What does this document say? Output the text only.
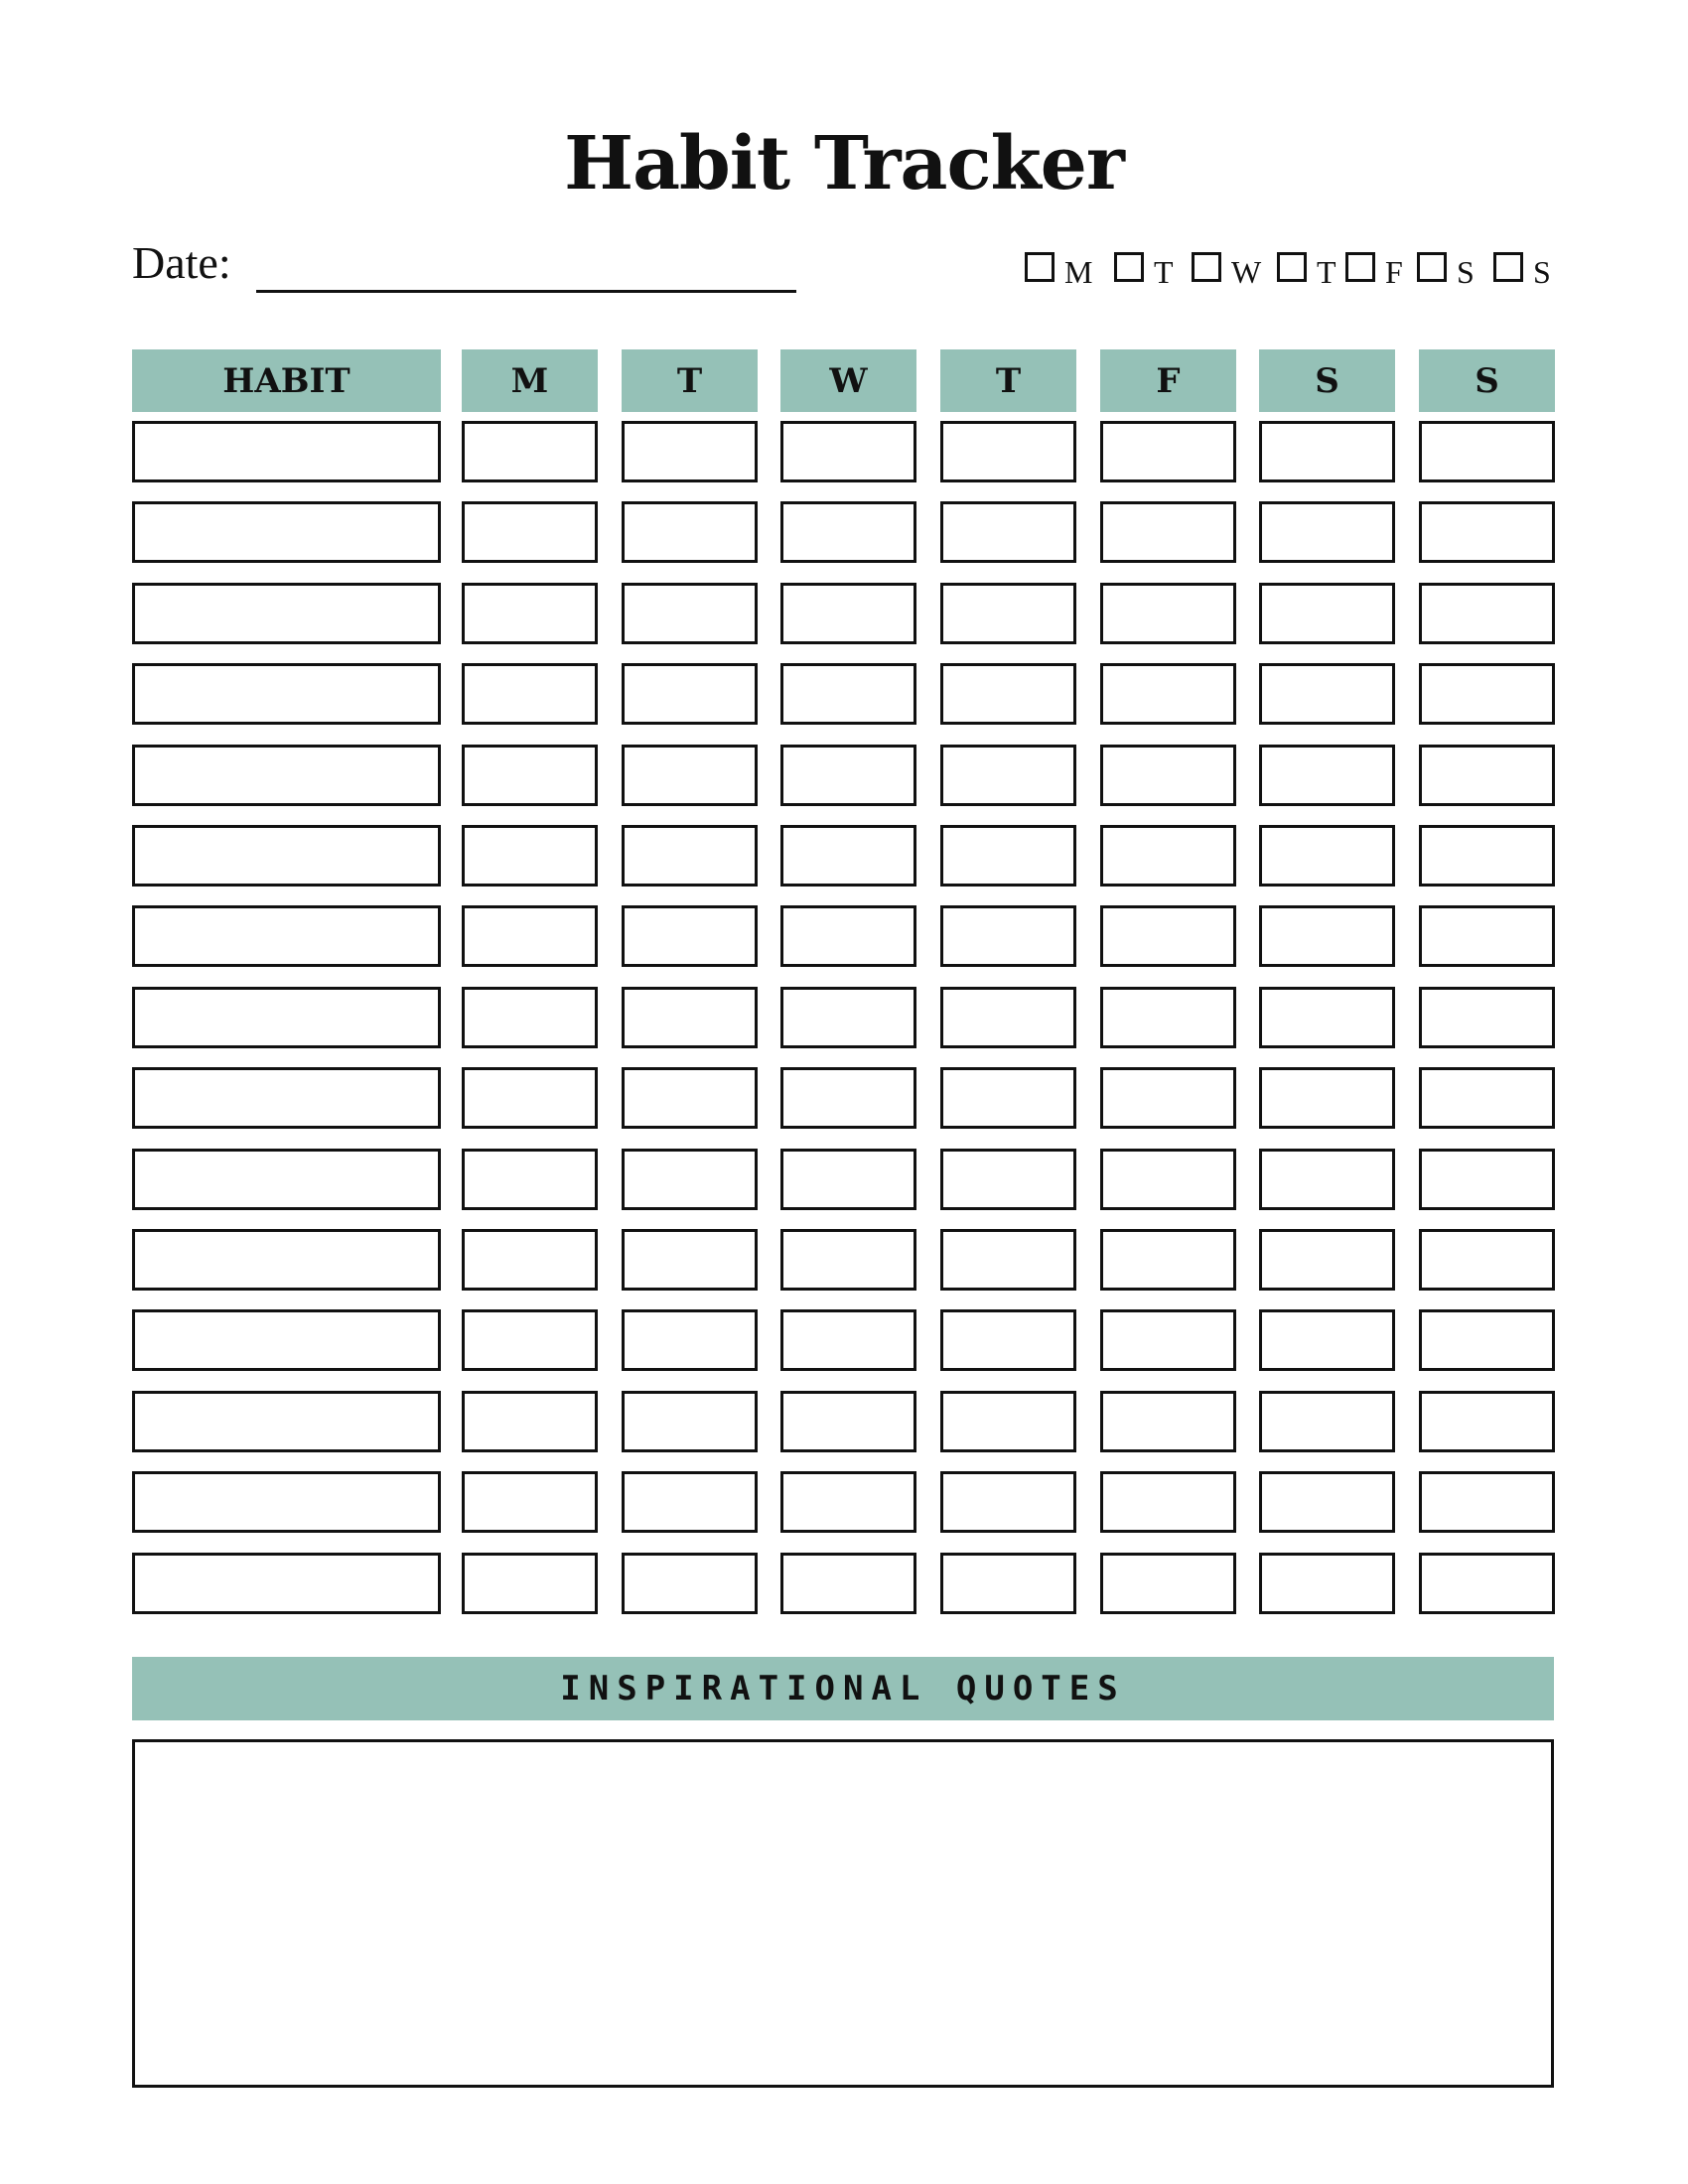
Habit Tracker
Date:	M T W T F S S
HABIT	M	T	W	T	F	S	S
INSPIRATIONAL QUOTES
